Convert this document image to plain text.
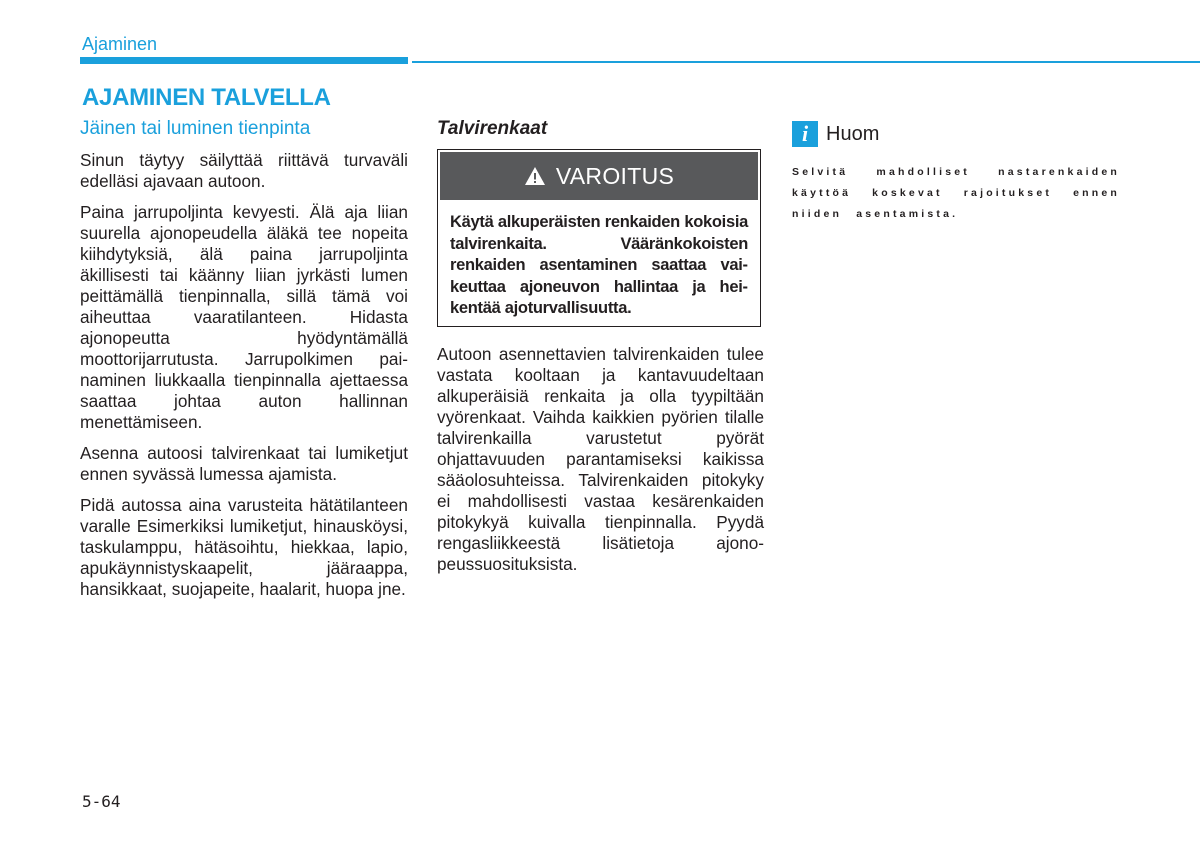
Ajaminen

AJAMINEN TALVELLA
Jäinen tai luminen tienpinta

Sinun täytyy säilyttää riittävä turvaväli edelläsi ajavaan autoon.

Paina jarrupoljinta kevyesti. Älä aja liian suurella ajonopeudella äläkä tee nopeita kiihdytyksiä, älä paina jarrupoljinta äkillisesti tai käänny liian jyrkästi lumen peittämällä tienpinnalla, sillä tämä voi aiheuttaa vaaratilanteen. Hidasta ajonopeutta hyödyntämällä moottorijarrutusta. Jarrupolkimen painaminen liukkaalla tienpinnalla ajettaessa saattaa johtaa auton hallinnan menettämiseen.

Asenna autoosi talvirenkaat tai lumiketjut ennen syvässä lumessa ajamista.

Pidä autossa aina varusteita hätätilanteen varalle Esimerkiksi lumiketjut, hinausköysi, taskulamppu, hätäsoihtu, hiekkaa, lapio, apukäynnistyskaapelit, jääraappa, hansikkaat, suojapeite, haalarit, huopa jne.

Talvirenkaat
VAROITUS

Käytä alkuperäisten renkaiden kokoisia talvirenkaita. Vääränkokoisten renkaiden asentaminen saattaa vaikeuttaa ajoneuvon hallintaa ja heikentää ajoturvallisuutta.

Autoon asennettavien talvirenkaiden tulee vastata kooltaan ja kantavuudeltaan alkuperäisiä renkaita ja olla tyypiltään vyörenkaat. Vaihda kaikkien pyörien tilalle talvirenkailla varustetut pyörät ohjattavuuden parantamiseksi kaikissa sääolosuhteissa. Talvirenkaiden pitokyky ei mahdollisesti vastaa kesärenkaiden pitokykyä kuivalla tienpinnalla. Pyydä rengasliikkeestä lisätietoja ajonopeussuosituksista.

i Huom

Selvitä mahdolliset nastarenkaiden käyttöä koskevat rajoitukset ennen niiden asentamista.

5-64
